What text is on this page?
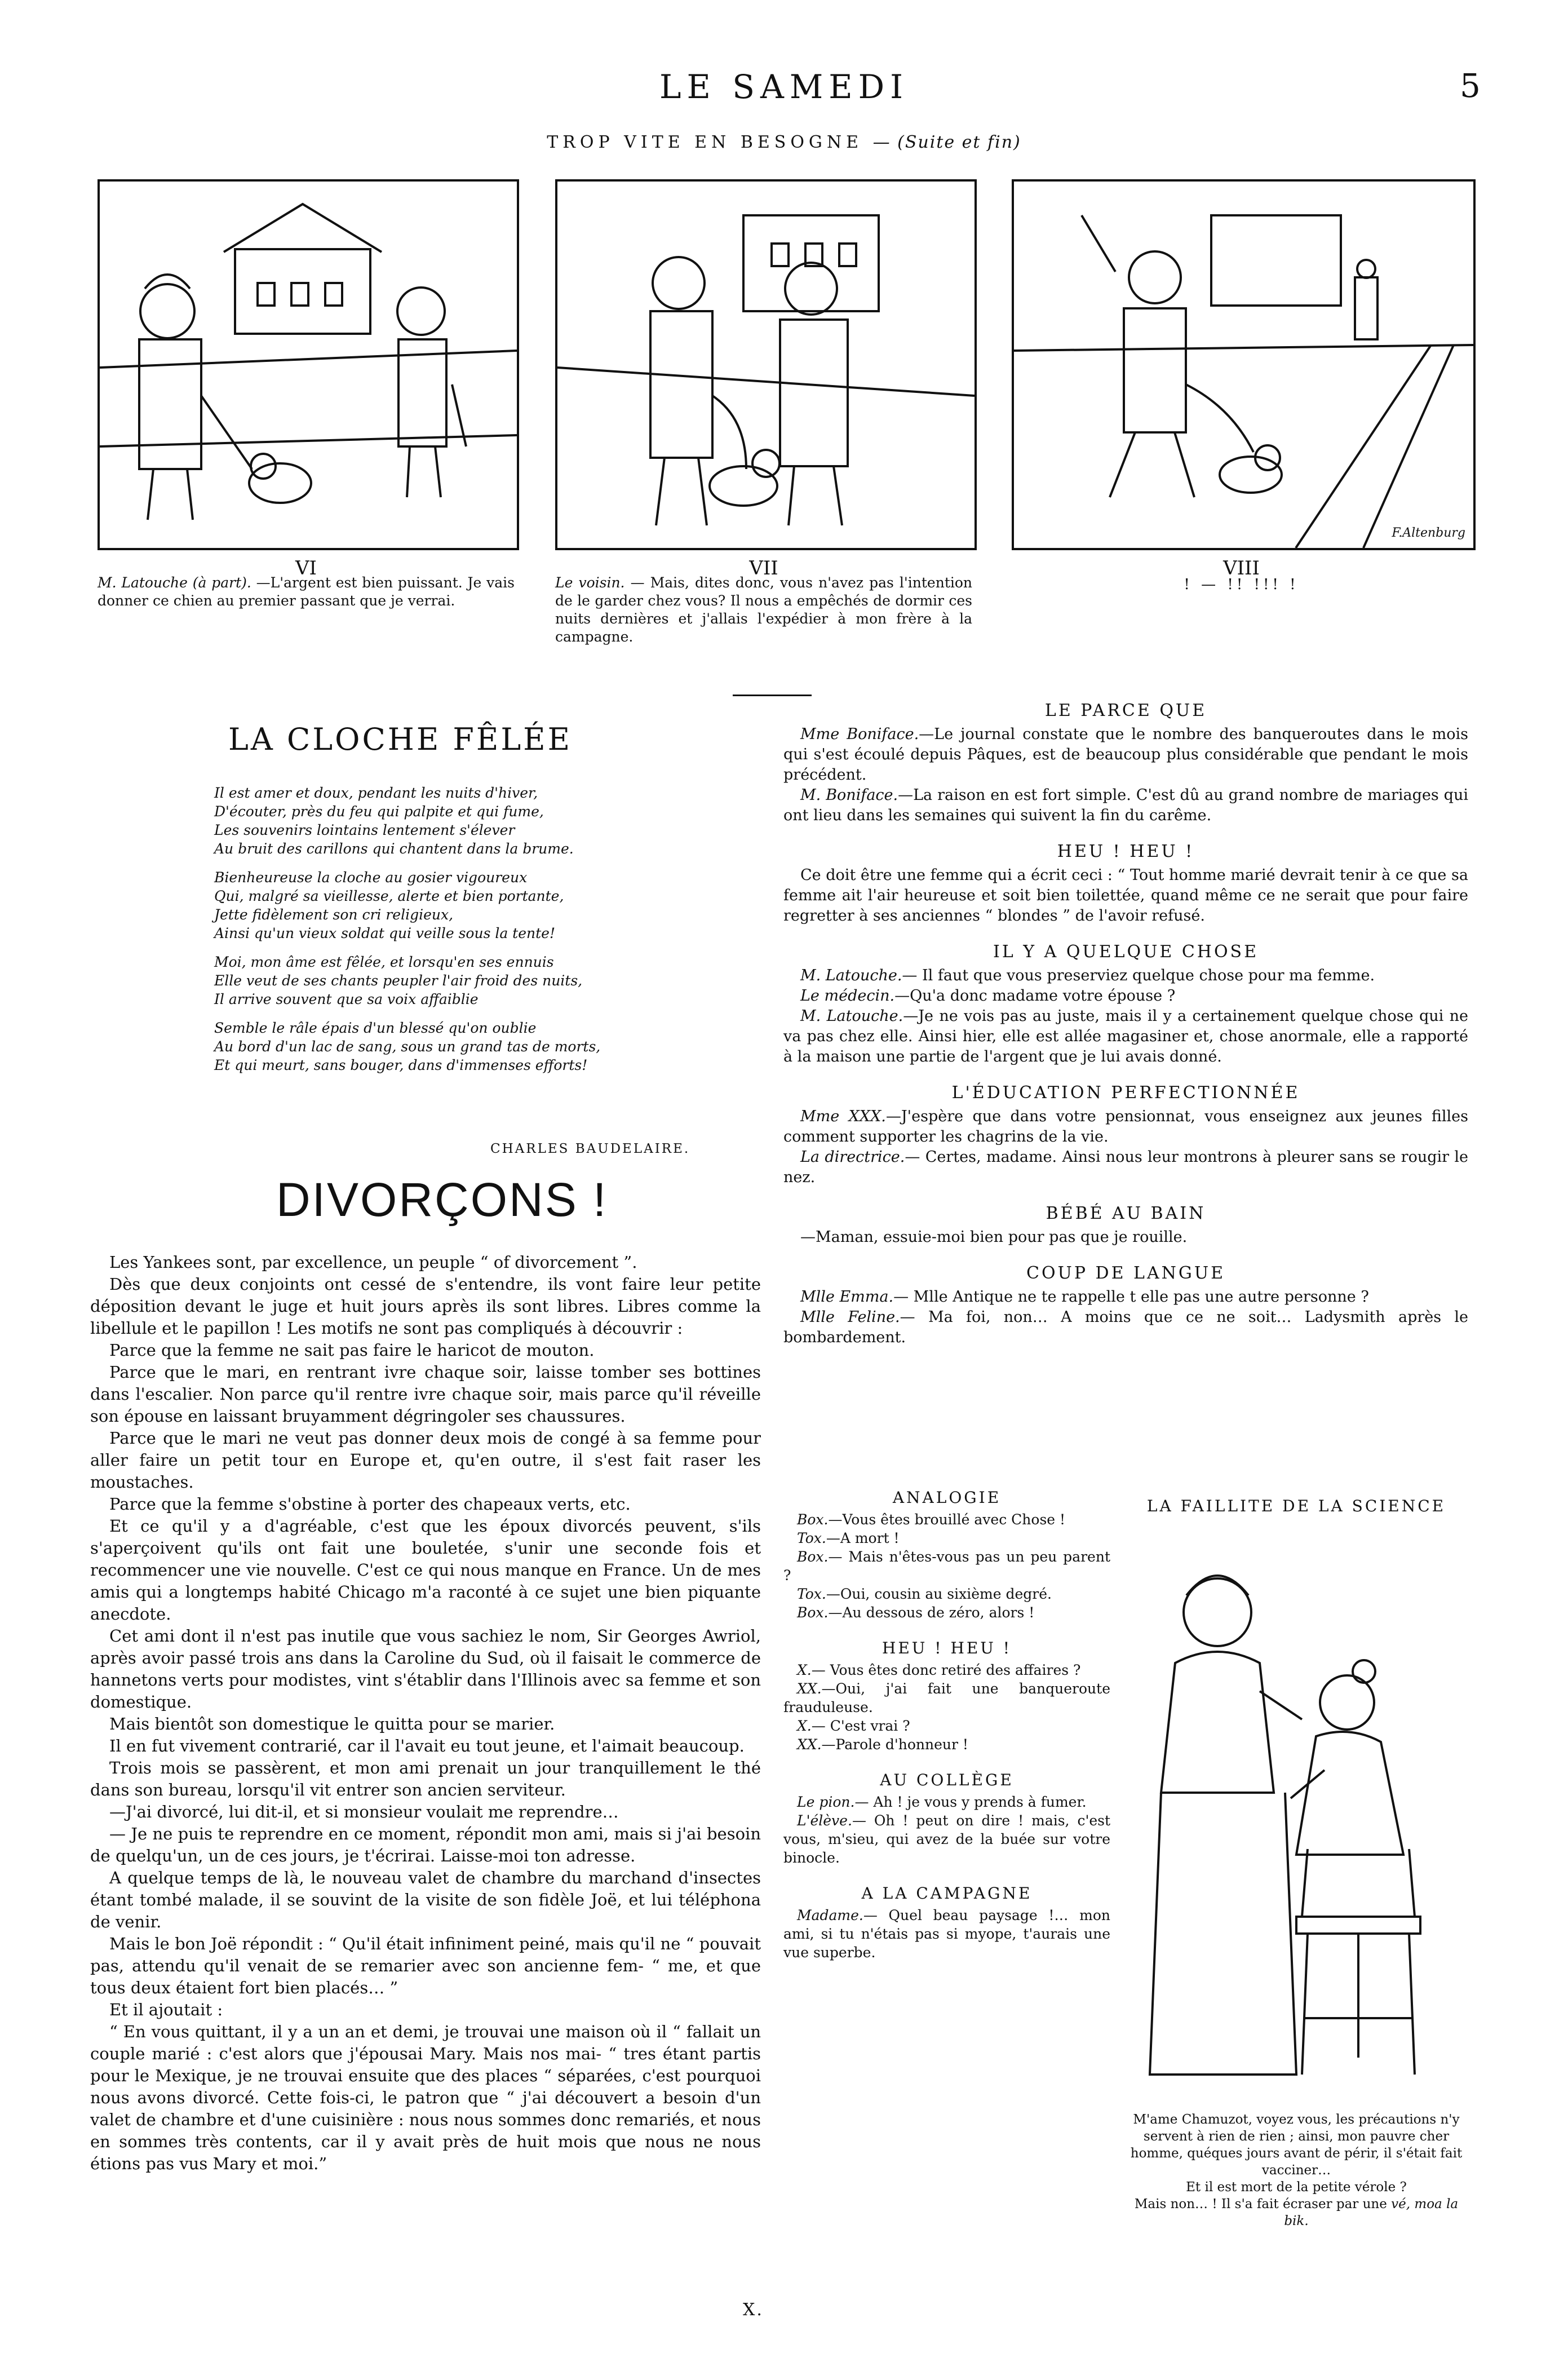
LE SAMEDI	5
TROP VITE EN BESOGNE — (Suite et fin)
F.Altenburg
VI
M. Latouche (à part). —L'argent est bien puissant. Je vais donner ce chien au premier passant que je verrai.
VII
Le voisin. — Mais, dites donc, vous n'avez pas l'intention de le garder chez vous? Il nous a empêchés de dormir ces nuits dernières et j'allais l'expédier à mon frère à la campagne.
VIII
! — !! !!! !
LA CLOCHE FÊLÉE

Il est amer et doux, pendant les nuits d'hiver,
D'écouter, près du feu qui palpite et qui fume,
Les souvenirs lointains lentement s'élever
Au bruit des carillons qui chantent dans la brume.

Bienheureuse la cloche au gosier vigoureux
Qui, malgré sa vieillesse, alerte et bien portante,
Jette fidèlement son cri religieux,
Ainsi qu'un vieux soldat qui veille sous la tente!

Moi, mon âme est fêlée, et lorsqu'en ses ennuis
Elle veut de ses chants peupler l'air froid des nuits,
Il arrive souvent que sa voix affaiblie

Semble le râle épais d'un blessé qu'on oublie
Au bord d'un lac de sang, sous un grand tas de morts,
Et qui meurt, sans bouger, dans d'immenses efforts!

CHARLES BAUDELAIRE.
DIVORÇONS !

Les Yankees sont, par excellence, un peuple “ of divorcement ”.

Dès que deux conjoints ont cessé de s'entendre, ils vont faire leur petite déposition devant le juge et huit jours après ils sont libres. Libres comme la libellule et le papillon ! Les motifs ne sont pas compliqués à découvrir :

Parce que la femme ne sait pas faire le haricot de mouton.

Parce que le mari, en rentrant ivre chaque soir, laisse tomber ses bottines dans l'escalier. Non parce qu'il rentre ivre chaque soir, mais parce qu'il réveille son épouse en laissant bruyamment dégringoler ses chaussures.

Parce que le mari ne veut pas donner deux mois de congé à sa femme pour aller faire un petit tour en Europe et, qu'en outre, il s'est fait raser les moustaches.

Parce que la femme s'obstine à porter des chapeaux verts, etc.

Et ce qu'il y a d'agréable, c'est que les époux divorcés peuvent, s'ils s'aperçoivent qu'ils ont fait une bouletée, s'unir une seconde fois et recommencer une vie nouvelle. C'est ce qui nous manque en France. Un de mes amis qui a longtemps habité Chicago m'a raconté à ce sujet une bien piquante anecdote.

Cet ami dont il n'est pas inutile que vous sachiez le nom, Sir Georges Awriol, après avoir passé trois ans dans la Caroline du Sud, où il faisait le commerce de hannetons verts pour modistes, vint s'établir dans l'Illinois avec sa femme et son domestique.

Mais bientôt son domestique le quitta pour se marier.

Il en fut vivement contrarié, car il l'avait eu tout jeune, et l'aimait beaucoup.

Trois mois se passèrent, et mon ami prenait un jour tranquillement le thé dans son bureau, lorsqu'il vit entrer son ancien serviteur.

—J'ai divorcé, lui dit-il, et si monsieur voulait me reprendre…

— Je ne puis te reprendre en ce moment, répondit mon ami, mais si j'ai besoin de quelqu'un, un de ces jours, je t'écrirai. Laisse-moi ton adresse.

A quelque temps de là, le nouveau valet de chambre du marchand d'insectes étant tombé malade, il se souvint de la visite de son fidèle Joë, et lui téléphona de venir.

Mais le bon Joë répondit : “ Qu'il était infiniment peiné, mais qu'il ne “ pouvait pas, attendu qu'il venait de se remarier avec son ancienne fem- “ me, et que tous deux étaient fort bien placés… ”

Et il ajoutait :

“ En vous quittant, il y a un an et demi, je trouvai une maison où il “ fallait un couple marié : c'est alors que j'épousai Mary. Mais nos mai- “ tres étant partis pour le Mexique, je ne trouvai ensuite que des places “ séparées, c'est pourquoi nous avons divorcé. Cette fois-ci, le patron que “ j'ai découvert a besoin d'un valet de chambre et d'une cuisinière : nous nous sommes donc remariés, et nous en sommes très contents, car il y avait près de huit mois que nous ne nous étions pas vus Mary et moi.”

X.
LE PARCE QUE

Mme Boniface.—Le journal constate que le nombre des banqueroutes dans le mois qui s'est écoulé depuis Pâques, est de beaucoup plus considérable que pendant le mois précédent.

M. Boniface.—La raison en est fort simple. C'est dû au grand nombre de mariages qui ont lieu dans les semaines qui suivent la fin du carême.

HEU ! HEU !

Ce doit être une femme qui a écrit ceci : “ Tout homme marié devrait tenir à ce que sa femme ait l'air heureuse et soit bien toilettée, quand même ce ne serait que pour faire regretter à ses anciennes “ blondes ” de l'avoir refusé.

IL Y A QUELQUE CHOSE

M. Latouche.— Il faut que vous preserviez quelque chose pour ma femme.

Le médecin.—Qu'a donc madame votre épouse ?

M. Latouche.—Je ne vois pas au juste, mais il y a certainement quelque chose qui ne va pas chez elle. Ainsi hier, elle est allée magasiner et, chose anormale, elle a rapporté à la maison une partie de l'argent que je lui avais donné.

L'ÉDUCATION PERFECTIONNÉE

Mme XXX.—J'espère que dans votre pensionnat, vous enseignez aux jeunes filles comment supporter les chagrins de la vie.

La directrice.— Certes, madame. Ainsi nous leur montrons à pleurer sans se rougir le nez.

BÉBÉ AU BAIN

—Maman, essuie-moi bien pour pas que je rouille.

COUP DE LANGUE

Mlle Emma.— Mlle Antique ne te rappelle t elle pas une autre personne ?

Mlle Feline.— Ma foi, non… A moins que ce ne soit… Ladysmith après le bombardement.

ANALOGIE

Box.—Vous êtes brouillé avec Chose !

Tox.—A mort !

Box.— Mais n'êtes-vous pas un peu parent ?

Tox.—Oui, cousin au sixième degré.

Box.—Au dessous de zéro, alors !

HEU ! HEU !

X.— Vous êtes donc retiré des affaires ?

XX.—Oui, j'ai fait une banqueroute frauduleuse.

X.— C'est vrai ?

XX.—Parole d'honneur !

AU COLLÈGE

Le pion.— Ah ! je vous y prends à fumer.

L'élève.— Oh ! peut on dire ! mais, c'est vous, m'sieu, qui avez de la buée sur votre binocle.

A LA CAMPAGNE

Madame.— Quel beau paysage !… mon ami, si tu n'étais pas si myope, t'aurais une vue superbe.

LA FAILLITE DE LA SCIENCE
M'ame Chamuzot, voyez vous, les précautions n'y servent à rien de rien ; ainsi, mon pauvre cher homme, quéques jours avant de périr, il s'était fait vacciner…
Et il est mort de la petite vérole ?
Mais non… ! Il s'a fait écraser par une vé, moa la bik.
